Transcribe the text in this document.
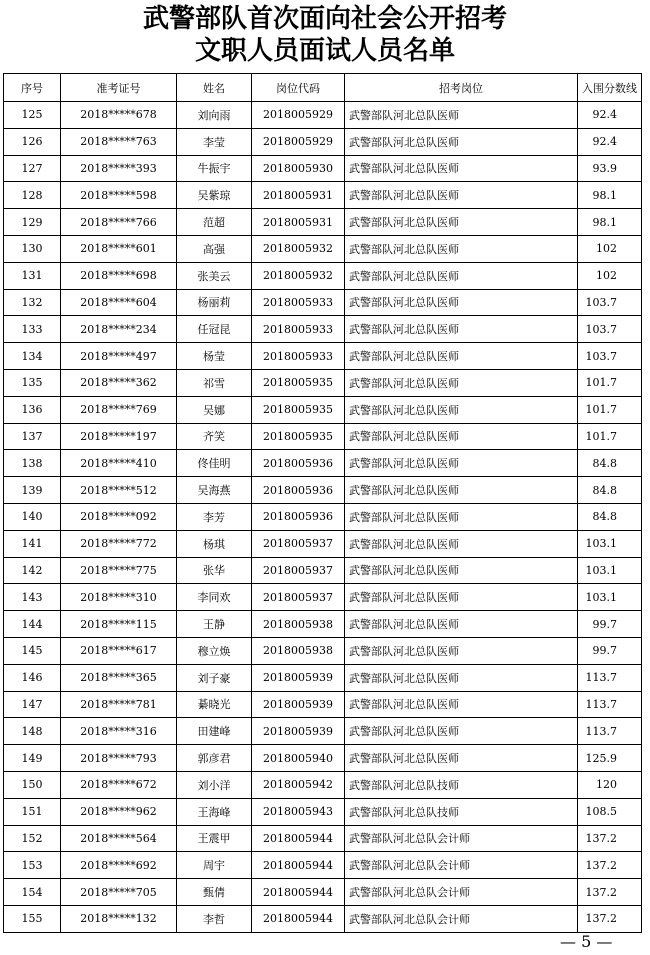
武警部队首次面向社会公开招考
文职人员面试人员名单
序号	准考证号	姓名	岗位代码	招考岗位	入围分数线
125	2018*****678	刘向雨	2018005929	武警部队河北总队医师	92.4
126	2018*****763	李莹	2018005929	武警部队河北总队医师	92.4
127	2018*****393	牛振宇	2018005930	武警部队河北总队医师	93.9
128	2018*****598	吴紫琼	2018005931	武警部队河北总队医师	98.1
129	2018*****766	范超	2018005931	武警部队河北总队医师	98.1
130	2018*****601	高强	2018005932	武警部队河北总队医师	102
131	2018*****698	张美云	2018005932	武警部队河北总队医师	102
132	2018*****604	杨丽莉	2018005933	武警部队河北总队医师	103.7
133	2018*****234	任冠昆	2018005933	武警部队河北总队医师	103.7
134	2018*****497	杨莹	2018005933	武警部队河北总队医师	103.7
135	2018*****362	祁雪	2018005935	武警部队河北总队医师	101.7
136	2018*****769	吴娜	2018005935	武警部队河北总队医师	101.7
137	2018*****197	齐笑	2018005935	武警部队河北总队医师	101.7
138	2018*****410	佟佳明	2018005936	武警部队河北总队医师	84.8
139	2018*****512	吴海燕	2018005936	武警部队河北总队医师	84.8
140	2018*****092	李芳	2018005936	武警部队河北总队医师	84.8
141	2018*****772	杨琪	2018005937	武警部队河北总队医师	103.1
142	2018*****775	张华	2018005937	武警部队河北总队医师	103.1
143	2018*****310	李同欢	2018005937	武警部队河北总队医师	103.1
144	2018*****115	王静	2018005938	武警部队河北总队医师	99.7
145	2018*****617	穆立焕	2018005938	武警部队河北总队医师	99.7
146	2018*****365	刘子豪	2018005939	武警部队河北总队医师	113.7
147	2018*****781	綦晓光	2018005939	武警部队河北总队医师	113.7
148	2018*****316	田建峰	2018005939	武警部队河北总队医师	113.7
149	2018*****793	郭彦君	2018005940	武警部队河北总队医师	125.9
150	2018*****672	刘小洋	2018005942	武警部队河北总队技师	120
151	2018*****962	王海峰	2018005943	武警部队河北总队技师	108.5
152	2018*****564	王震甲	2018005944	武警部队河北总队会计师	137.2
153	2018*****692	周宇	2018005944	武警部队河北总队会计师	137.2
154	2018*****705	甄倩	2018005944	武警部队河北总队会计师	137.2
155	2018*****132	李哲	2018005944	武警部队河北总队会计师	137.2
— 5 —
